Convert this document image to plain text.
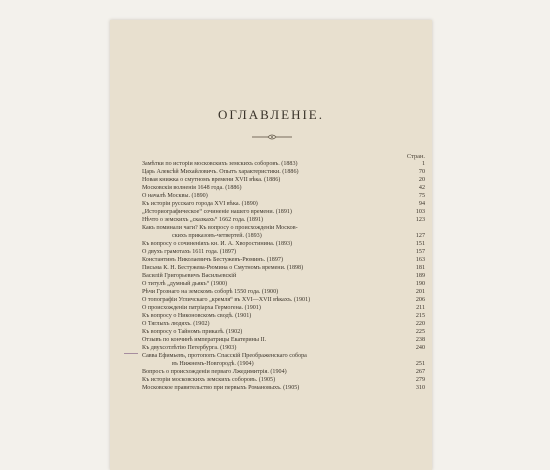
ОГЛАВЛЕНІЕ.
Стран.
Замѣтки по исторіи московскихъ земскихъ соборовъ. (1883)	1
Царь Алексѣй Михайловичъ. Опытъ характеристики. (1886)	70
Новая книжка о смутномъ времени XVII вѣка. (1886)	20
Московскія волненія 1648 года. (1886)	42
О началѣ Москвы. (1890)	75
Къ исторіи русскаго города XVI вѣка. (1890)	94
„Историографическое“ сочиненіе нашего времени. (1891)	103
Нѣчто о земскихъ „сказкахъ“ 1662 года. (1891)	123
Какъ поминали чаги? Къ вопросу о происхожденіи Москов-
скихъ приказовъ-четвертей. (1893)	127
Къ вопросу о сочиненіяхъ кн. И. А. Хворостинина. (1893)	151
О двухъ грамотахъ 1611 года. (1897)	157
Константинъ Николаевичъ Бестужевъ-Рюминъ. (1897)	163
Письма К. Н. Бестужева-Рюмина о Смутномъ времени. (1898)	181
Василій Григорьевичъ Васильевскій	189
О титулѣ „думный дьякъ“ (1900)	190
Рѣчи Грознаго на земскомъ соборѣ 1550 года. (1900)	201
О топографіи Угличскаго „кремля“ въ XVI—XVII вѣкахъ. (1901)	206
О происхожденіи патріарха Гермогена. (1901)	211
Къ вопросу о Никоновскомъ сводѣ. (1901)	215
О Тяглыхъ людяхъ. (1902)	220
Къ вопросу о Тайномъ приказѣ. (1902)	225
Отзывъ по кончинѣ императрицы Екатерины II.	238
Къ двухсотлѣтію Петербурга. (1903)	240
Савва Ефимьевъ, протопопъ Спасскій Преображенскаго собора
въ Нижнемъ-Новгородѣ. (1904)	251
Вопросъ о происхожденіи перваго Лжедимитрія. (1904)	267
Къ исторіи московскихъ земскихъ соборовъ. (1905)	279
Московское правительство при первыхъ Романовыхъ. (1905)	310
